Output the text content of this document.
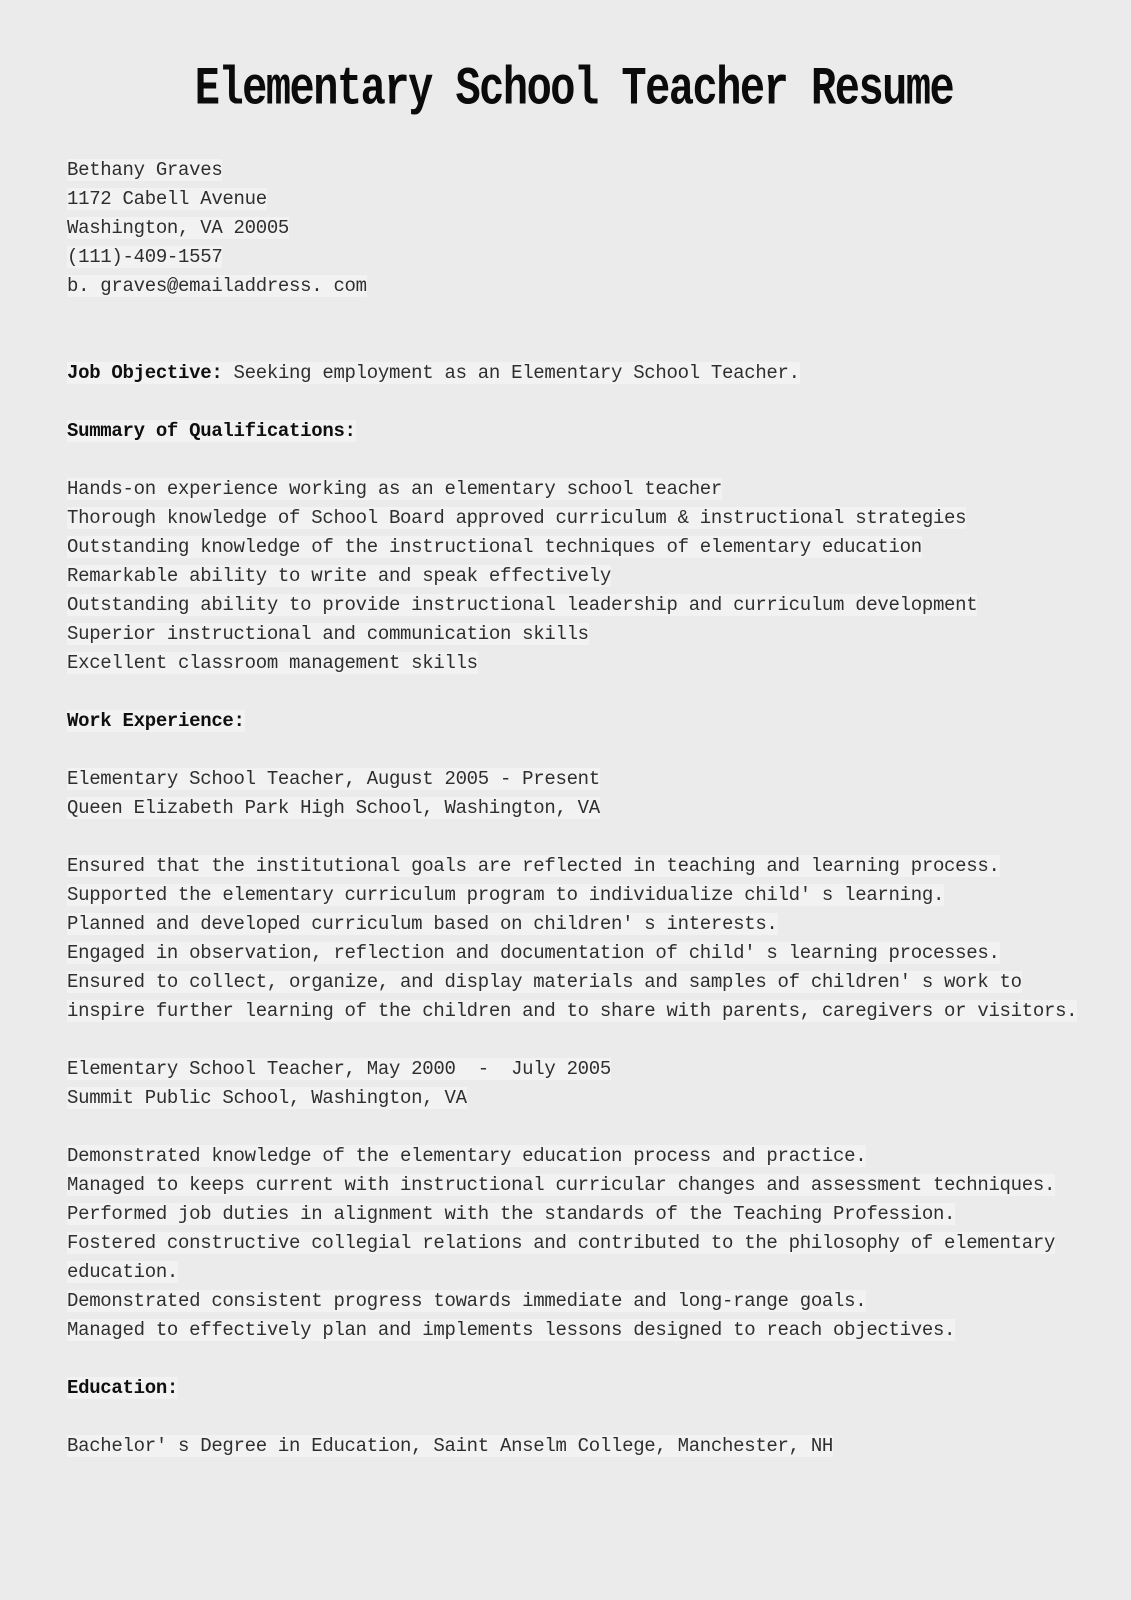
Elementary School Teacher Resume
Bethany Graves
1172 Cabell Avenue
Washington, VA 20005
(111)-409-1557
b. graves@emailaddress. com
Job Objective: Seeking employment as an Elementary School Teacher.
Summary of Qualifications:
Hands-on experience working as an elementary school teacher
Thorough knowledge of School Board approved curriculum & instructional strategies
Outstanding knowledge of the instructional techniques of elementary education
Remarkable ability to write and speak effectively
Outstanding ability to provide instructional leadership and curriculum development
Superior instructional and communication skills
Excellent classroom management skills
Work Experience:
Elementary School Teacher, August 2005 - Present
Queen Elizabeth Park High School, Washington, VA
Ensured that the institutional goals are reflected in teaching and learning process.
Supported the elementary curriculum program to individualize child' s learning.
Planned and developed curriculum based on children' s interests.
Engaged in observation, reflection and documentation of child' s learning processes.
Ensured to collect, organize, and display materials and samples of children' s work to
inspire further learning of the children and to share with parents, caregivers or visitors.
Elementary School Teacher, May 2000  -  July 2005
Summit Public School, Washington, VA
Demonstrated knowledge of the elementary education process and practice.
Managed to keeps current with instructional curricular changes and assessment techniques.
Performed job duties in alignment with the standards of the Teaching Profession.
Fostered constructive collegial relations and contributed to the philosophy of elementary
education.
Demonstrated consistent progress towards immediate and long-range goals.
Managed to effectively plan and implements lessons designed to reach objectives.
Education:
Bachelor' s Degree in Education, Saint Anselm College, Manchester, NH
